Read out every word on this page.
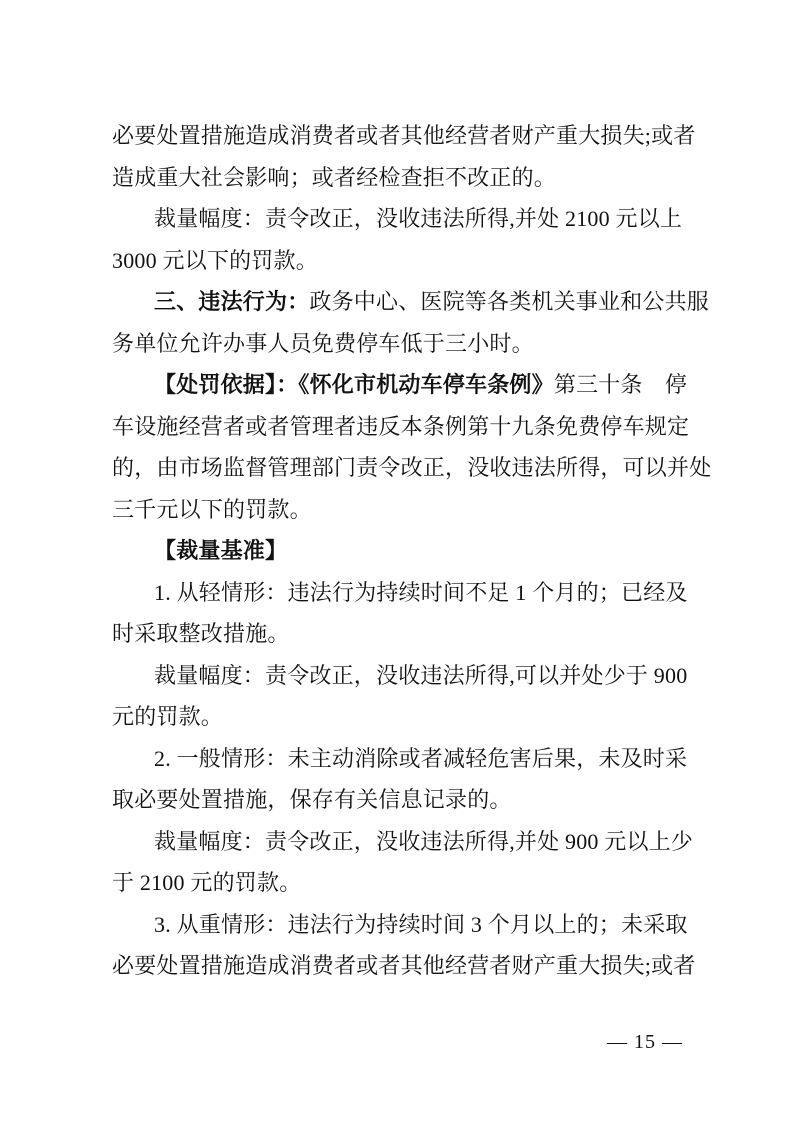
必要处置措施造成消费者或者其他经营者财产重大损失;或者

造成重大社会影响；或者经检查拒不改正的。

裁量幅度：责令改正，没收违法所得,并处 2100 元以上

3000 元以下的罚款。

三、违法行为：政务中心、医院等各类机关事业和公共服

务单位允许办事人员免费停车低于三小时。

【处罚依据】：《怀化市机动车停车条例》第三十条　停

车设施经营者或者管理者违反本条例第十九条免费停车规定

的，由市场监督管理部门责令改正，没收违法所得，可以并处

三千元以下的罚款。

【裁量基准】

1. 从轻情形：违法行为持续时间不足 1 个月的；已经及

时采取整改措施。

裁量幅度：责令改正，没收违法所得,可以并处少于 900

元的罚款。

2. 一般情形：未主动消除或者减轻危害后果，未及时采

取必要处置措施，保存有关信息记录的。

裁量幅度：责令改正，没收违法所得,并处 900 元以上少

于 2100 元的罚款。

3. 从重情形：违法行为持续时间 3 个月以上的；未采取

必要处置措施造成消费者或者其他经营者财产重大损失;或者

— 15 —
